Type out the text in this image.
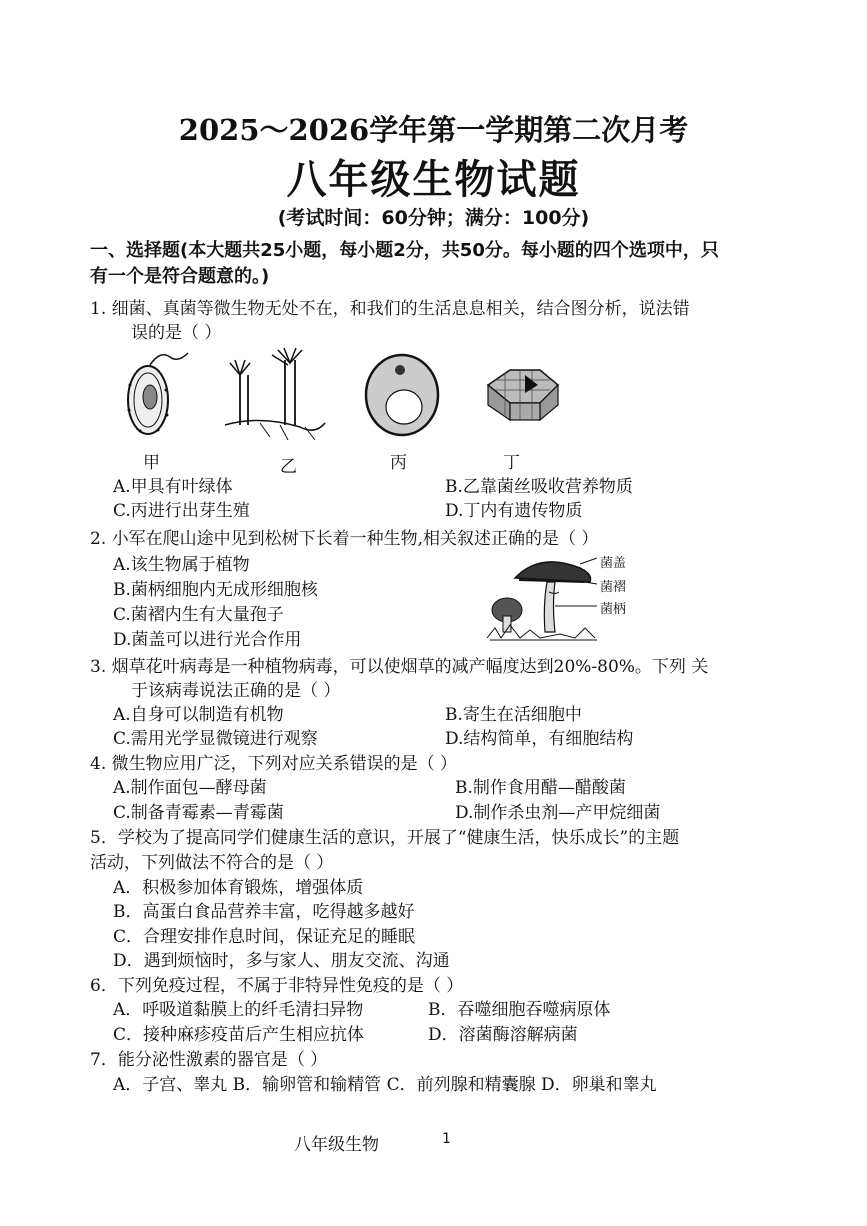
2025～2026学年第一学期第二次月考
八年级生物试题
(考试时间：60分钟；满分：100分)
一、选择题(本大题共25小题，每小题2分，共50分。每小题的四个选项中，只
有一个是符合题意的。)
1. 细菌、真菌等微生物无处不在，和我们的生活息息相关，结合图分析，说法错
误的是（ ）
甲	乙	丙	丁
A.甲具有叶绿体	B.乙靠菌丝吸收营养物质
C.丙进行出芽生殖	D.丁内有遗传物质
2. 小军在爬山途中见到松树下长着一种生物,相关叙述正确的是（ ）
A.该生物属于植物
B.菌柄细胞内无成形细胞核
C.菌褶内生有大量孢子
D.菌盖可以进行光合作用
菌盖
菌褶
菌柄
3. 烟草花叶病毒是一种植物病毒，可以使烟草的减产幅度达到20%-80%。下列 关
于该病毒说法正确的是（ ）
A.自身可以制造有机物	B.寄生在活细胞中
C.需用光学显微镜进行观察	D.结构简单，有细胞结构
4. 微生物应用广泛，下列对应关系错误的是（ ）
A.制作面包—酵母菌	B.制作食用醋—醋酸菌
C.制备青霉素—青霉菌	D.制作杀虫剂—产甲烷细菌
5．学校为了提高同学们健康生活的意识，开展了“健康生活，快乐成长”的主题
活动，下列做法不符合的是（ ）
A．积极参加体育锻炼，增强体质
B．高蛋白食品营养丰富，吃得越多越好
C．合理安排作息时间，保证充足的睡眠
D．遇到烦恼时，多与家人、朋友交流、沟通
6．下列免疫过程，不属于非特异性免疫的是（ ）
A．呼吸道黏膜上的纤毛清扫异物	B．吞噬细胞吞噬病原体
C．接种麻疹疫苗后产生相应抗体	D．溶菌酶溶解病菌
7．能分泌性激素的器官是（ ）
A．子宫、睾丸 B．输卵管和输精管 C．前列腺和精囊腺 D．卵巢和睾丸
八年级生物	1
